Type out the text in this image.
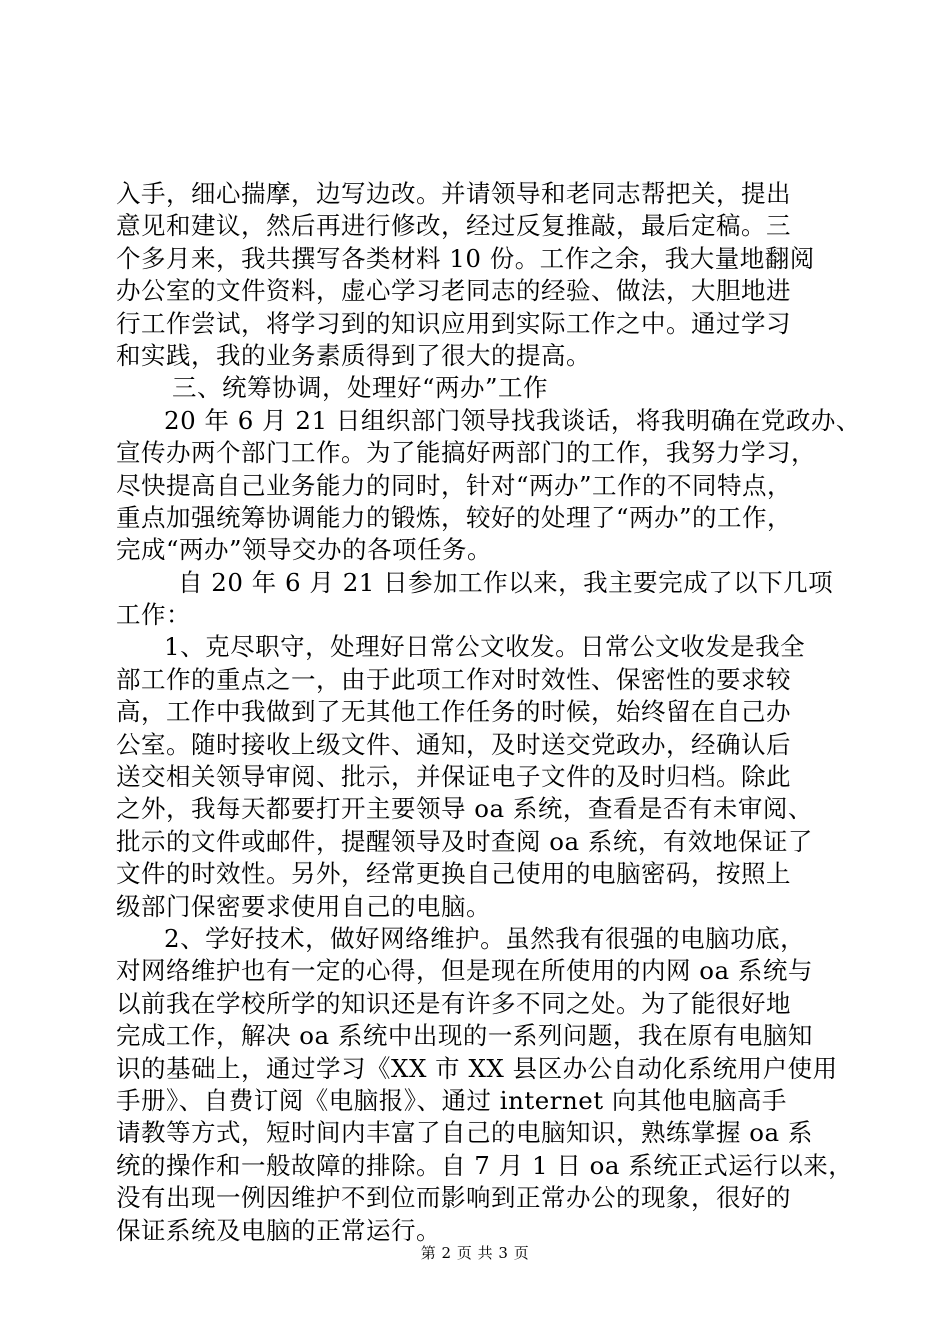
入手，细心揣摩，边写边改。并请领导和老同志帮把关，提出
意见和建议，然后再进行修改，经过反复推敲，最后定稿。三
个多月来，我共撰写各类材料 10 份。工作之余，我大量地翻阅
办公室的文件资料，虚心学习老同志的经验、做法，大胆地进
行工作尝试，将学习到的知识应用到实际工作之中。通过学习
和实践，我的业务素质得到了很大的提高。
三、统筹协调，处理好“两办”工作
20 年 6 月 21 日组织部门领导找我谈话，将我明确在党政办、
宣传办两个部门工作。为了能搞好两部门的工作，我努力学习，
尽快提高自己业务能力的同时，针对“两办”工作的不同特点，
重点加强统筹协调能力的锻炼，较好的处理了“两办”的工作，
完成“两办”领导交办的各项任务。
自 20 年 6 月 21 日参加工作以来，我主要完成了以下几项
工作：
1、克尽职守，处理好日常公文收发。日常公文收发是我全
部工作的重点之一，由于此项工作对时效性、保密性的要求较
高，工作中我做到了无其他工作任务的时候，始终留在自己办
公室。随时接收上级文件、通知，及时送交党政办，经确认后
送交相关领导审阅、批示，并保证电子文件的及时归档。除此
之外，我每天都要打开主要领导 oa 系统，查看是否有未审阅、
批示的文件或邮件，提醒领导及时查阅 oa 系统，有效地保证了
文件的时效性。另外，经常更换自己使用的电脑密码，按照上
级部门保密要求使用自己的电脑。
2、学好技术，做好网络维护。虽然我有很强的电脑功底，
对网络维护也有一定的心得，但是现在所使用的内网 oa 系统与
以前我在学校所学的知识还是有许多不同之处。为了能很好地
完成工作，解决 oa 系统中出现的一系列问题，我在原有电脑知
识的基础上，通过学习《XX 市 XX 县区办公自动化系统用户使用
手册》、自费订阅《电脑报》、通过 internet 向其他电脑高手
请教等方式，短时间内丰富了自己的电脑知识，熟练掌握 oa 系
统的操作和一般故障的排除。自 7 月 1 日 oa 系统正式运行以来，
没有出现一例因维护不到位而影响到正常办公的现象，很好的
保证系统及电脑的正常运行。
第 2 页 共 3 页
